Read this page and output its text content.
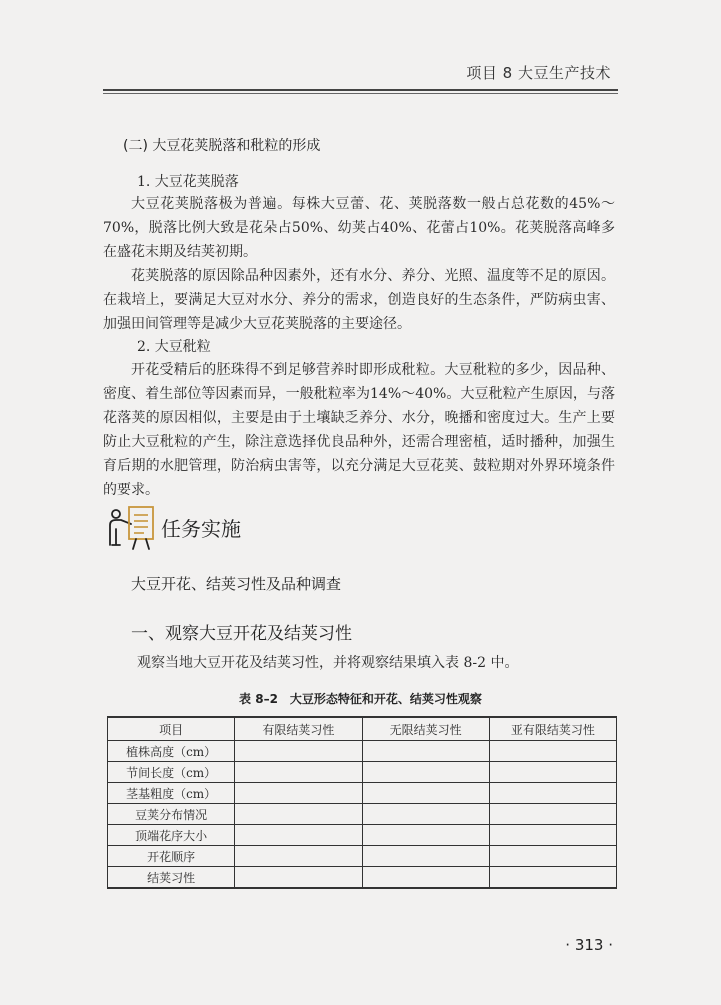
项目 8 大豆生产技术
(二) 大豆花荚脱落和秕粒的形成
1. 大豆花荚脱落

大豆花荚脱落极为普遍。每株大豆蕾、花、荚脱落数一般占总花数的45%～70%，脱落比例大致是花朵占50%、幼荚占40%、花蕾占10%。花荚脱落高峰多在盛花末期及结荚初期。

花荚脱落的原因除品种因素外，还有水分、养分、光照、温度等不足的原因。在栽培上，要满足大豆对水分、养分的需求，创造良好的生态条件，严防病虫害、加强田间管理等是减少大豆花荚脱落的主要途径。

2. 大豆秕粒

开花受精后的胚珠得不到足够营养时即形成秕粒。大豆秕粒的多少，因品种、密度、着生部位等因素而异，一般秕粒率为14%～40%。大豆秕粒产生原因，与落花落荚的原因相似，主要是由于土壤缺乏养分、水分，晚播和密度过大。生产上要防止大豆秕粒的产生，除注意选择优良品种外，还需合理密植，适时播种，加强生育后期的水肥管理，防治病虫害等，以充分满足大豆花荚、鼓粒期对外界环境条件的要求。

任务实施
大豆开花、结荚习性及品种调查
一、观察大豆开花及结荚习性
观察当地大豆开花及结荚习性，并将观察结果填入表 8-2 中。
表 8–2　大豆形态特征和开花、结荚习性观察
项目	有限结荚习性	无限结荚习性	亚有限结荚习性
植株高度（cm）			
节间长度（cm）			
茎基粗度（cm）			
豆荚分布情况			
顶端花序大小			
开花顺序			
结荚习性			
· 313 ·
